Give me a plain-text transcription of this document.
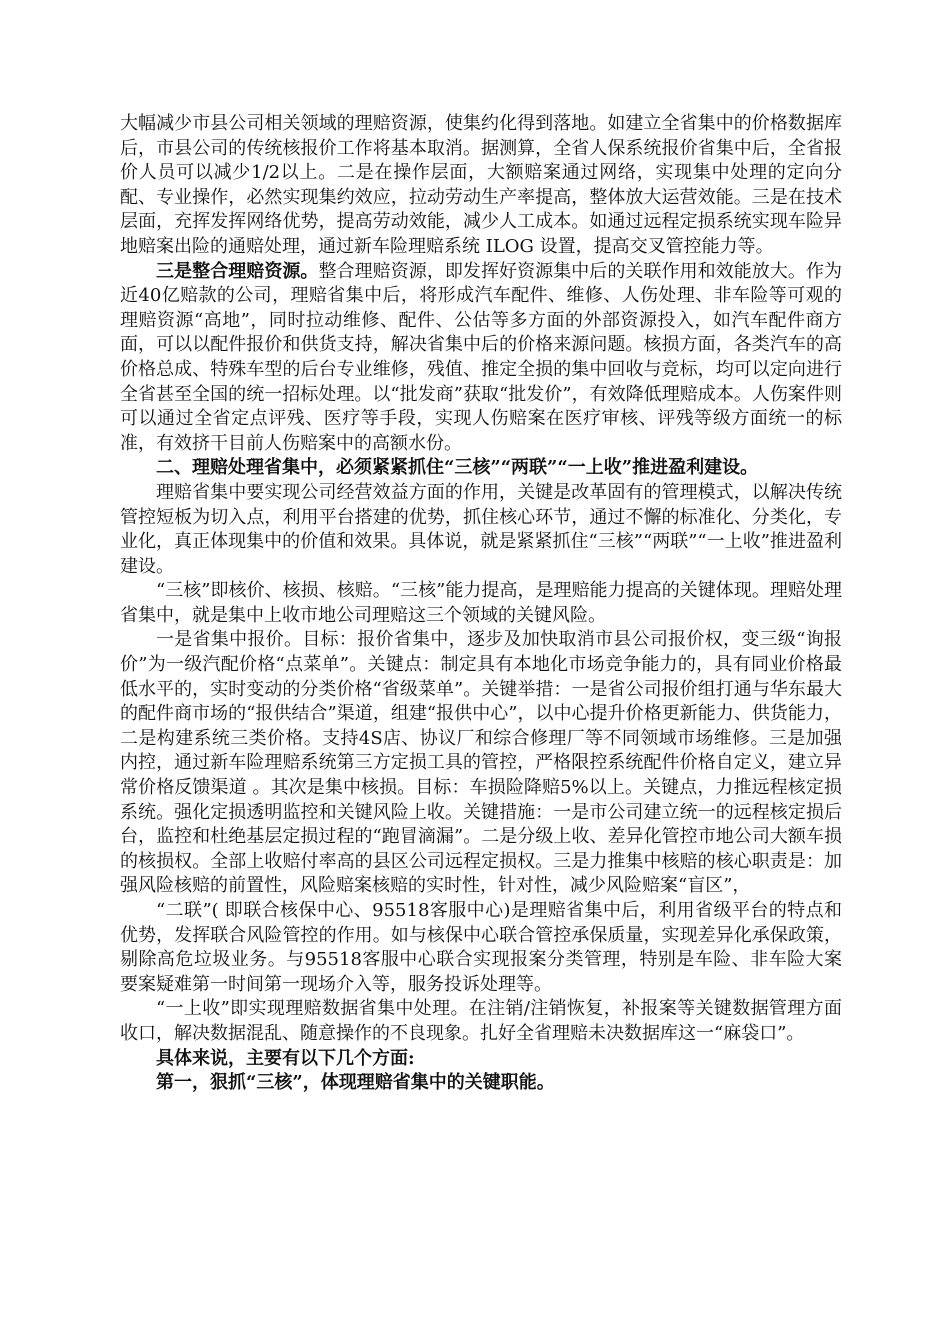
大幅减少市县公司相关领域的理赔资源，使集约化得到落地。如建立全省集中的价格数据库后，市县公司的传统核报价工作将基本取消。据测算，全省人保系统报价省集中后，全省报价人员可以减少1/2以上。二是在操作层面，大额赔案通过网络，实现集中处理的定向分配、专业操作，必然实现集约效应，拉动劳动生产率提高，整体放大运营效能。三是在技术层面，充挥发挥网络优势，提高劳动效能，减少人工成本。如通过远程定损系统实现车险异地赔案出险的通赔处理，通过新车险理赔系统 ILOG 设置，提高交叉管控能力等。

三是整合理赔资源。整合理赔资源，即发挥好资源集中后的关联作用和效能放大。作为近40亿赔款的公司，理赔省集中后，将形成汽车配件、维修、人伤处理、非车险等可观的理赔资源“高地”，同时拉动维修、配件、公估等多方面的外部资源投入，如汽车配件商方面，可以以配件报价和供货支持，解决省集中后的价格来源问题。核损方面，各类汽车的高价格总成、特殊车型的后台专业维修，残值、推定全损的集中回收与竞标，均可以定向进行全省甚至全国的统一招标处理。以“批发商”获取“批发价”，有效降低理赔成本。人伤案件则可以通过全省定点评残、医疗等手段，实现人伤赔案在医疗审核、评残等级方面统一的标准，有效挤干目前人伤赔案中的高额水份。

二、理赔处理省集中，必须紧紧抓住“三核”“两联”“一上收”推进盈利建设。

理赔省集中要实现公司经营效益方面的作用，关键是改革固有的管理模式，以解决传统管控短板为切入点，利用平台搭建的优势，抓住核心环节，通过不懈的标准化、分类化，专业化，真正体现集中的价值和效果。具体说，就是紧紧抓住“三核”“两联”“一上收”推进盈利建设。

“三核”即核价、核损、核赔。“三核”能力提高，是理赔能力提高的关键体现。理赔处理省集中，就是集中上收市地公司理赔这三个领域的关键风险。

一是省集中报价。目标：报价省集中，逐步及加快取消市县公司报价权，变三级“询报价”为一级汽配价格“点菜单”。关键点：制定具有本地化市场竞争能力的，具有同业价格最低水平的，实时变动的分类价格“省级菜单”。关键举措：一是省公司报价组打通与华东最大的配件商市场的“报供结合”渠道，组建“报供中心”，以中心提升价格更新能力、供货能力，二是构建系统三类价格。支持4S店、协议厂和综合修理厂等不同领域市场维修。三是加强内控，通过新车险理赔系统第三方定损工具的管控，严格限控系统配件价格自定义，建立异常价格反馈渠道 。其次是集中核损。目标：车损险降赔5%以上。关键点，力推远程核定损系统。强化定损透明监控和关键风险上收。关键措施：一是市公司建立统一的远程核定损后台，监控和杜绝基层定损过程的“跑冒滴漏”。二是分级上收、差异化管控市地公司大额车损的核损权。全部上收赔付率高的县区公司远程定损权。三是力推集中核赔的核心职责是：加强风险核赔的前置性，风险赔案核赔的实时性，针对性，减少风险赔案“盲区”，

“二联”( 即联合核保中心、95518客服中心)是理赔省集中后，利用省级平台的特点和优势，发挥联合风险管控的作用。如与核保中心联合管控承保质量，实现差异化承保政策，剔除高危垃圾业务。与95518客服中心联合实现报案分类管理，特别是车险、非车险大案要案疑难第一时间第一现场介入等，服务投诉处理等。

“一上收”即实现理赔数据省集中处理。在注销/注销恢复，补报案等关键数据管理方面收口，解决数据混乱、随意操作的不良现象。扎好全省理赔未决数据库这一“麻袋口”。

具体来说，主要有以下几个方面:

第一，狠抓“三核”，体现理赔省集中的关键职能。
